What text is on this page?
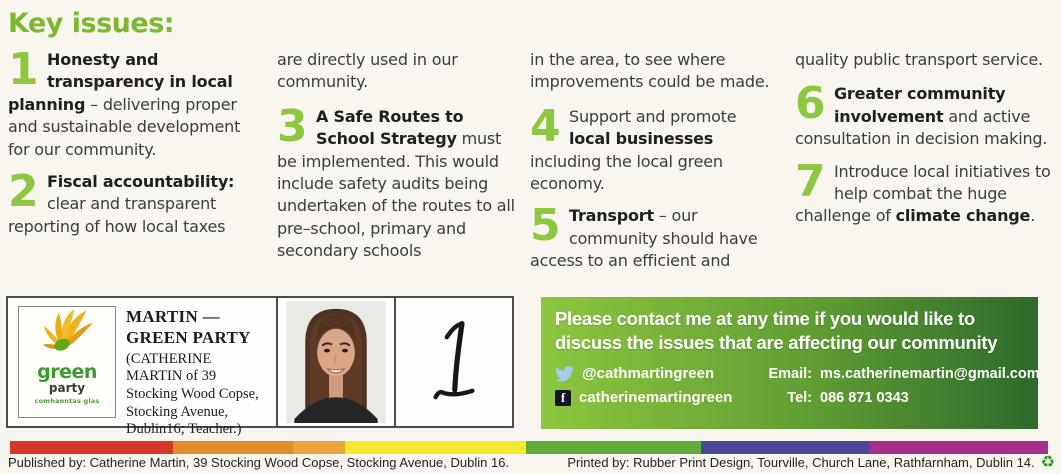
Key issues:
1 Honesty and transparency in local planning – delivering proper and sustainable development for our community.
2 Fiscal accountability: clear and transparent reporting of how local taxes
are directly used in our community.
3 A Safe Routes to School Strategy must be implemented. This would include safety audits being undertaken of the routes to all pre–school, primary and secondary schools
in the area, to see where improvements could be made.
4 Support and promote local businesses including the local green economy.
5 Transport – our community should have access to an efficient and
quality public transport service.
6 Greater community involvement and active consultation in decision making.
7 Introduce local initiatives to help combat the huge challenge of climate change.
green
party
comhaontas glas
MARTIN — GREEN PARTY
(CATHERINE MARTIN of 39 Stocking Wood Copse, Stocking Avenue, Dublin16; Teacher.)
Please contact me at any time if you would like to
discuss the issues that are affecting our community
@cathmartingreen	Email: ms.catherinemartin@gmail.com
f catherinemartingreen	Tel: 086 871 0343
Published by: Catherine Martin, 39 Stocking Wood Copse, Stocking Avenue, Dublin 16.	Printed by: Rubber Print Design, Tourville, Church Lane, Rathfarnham, Dublin 14. ♻
